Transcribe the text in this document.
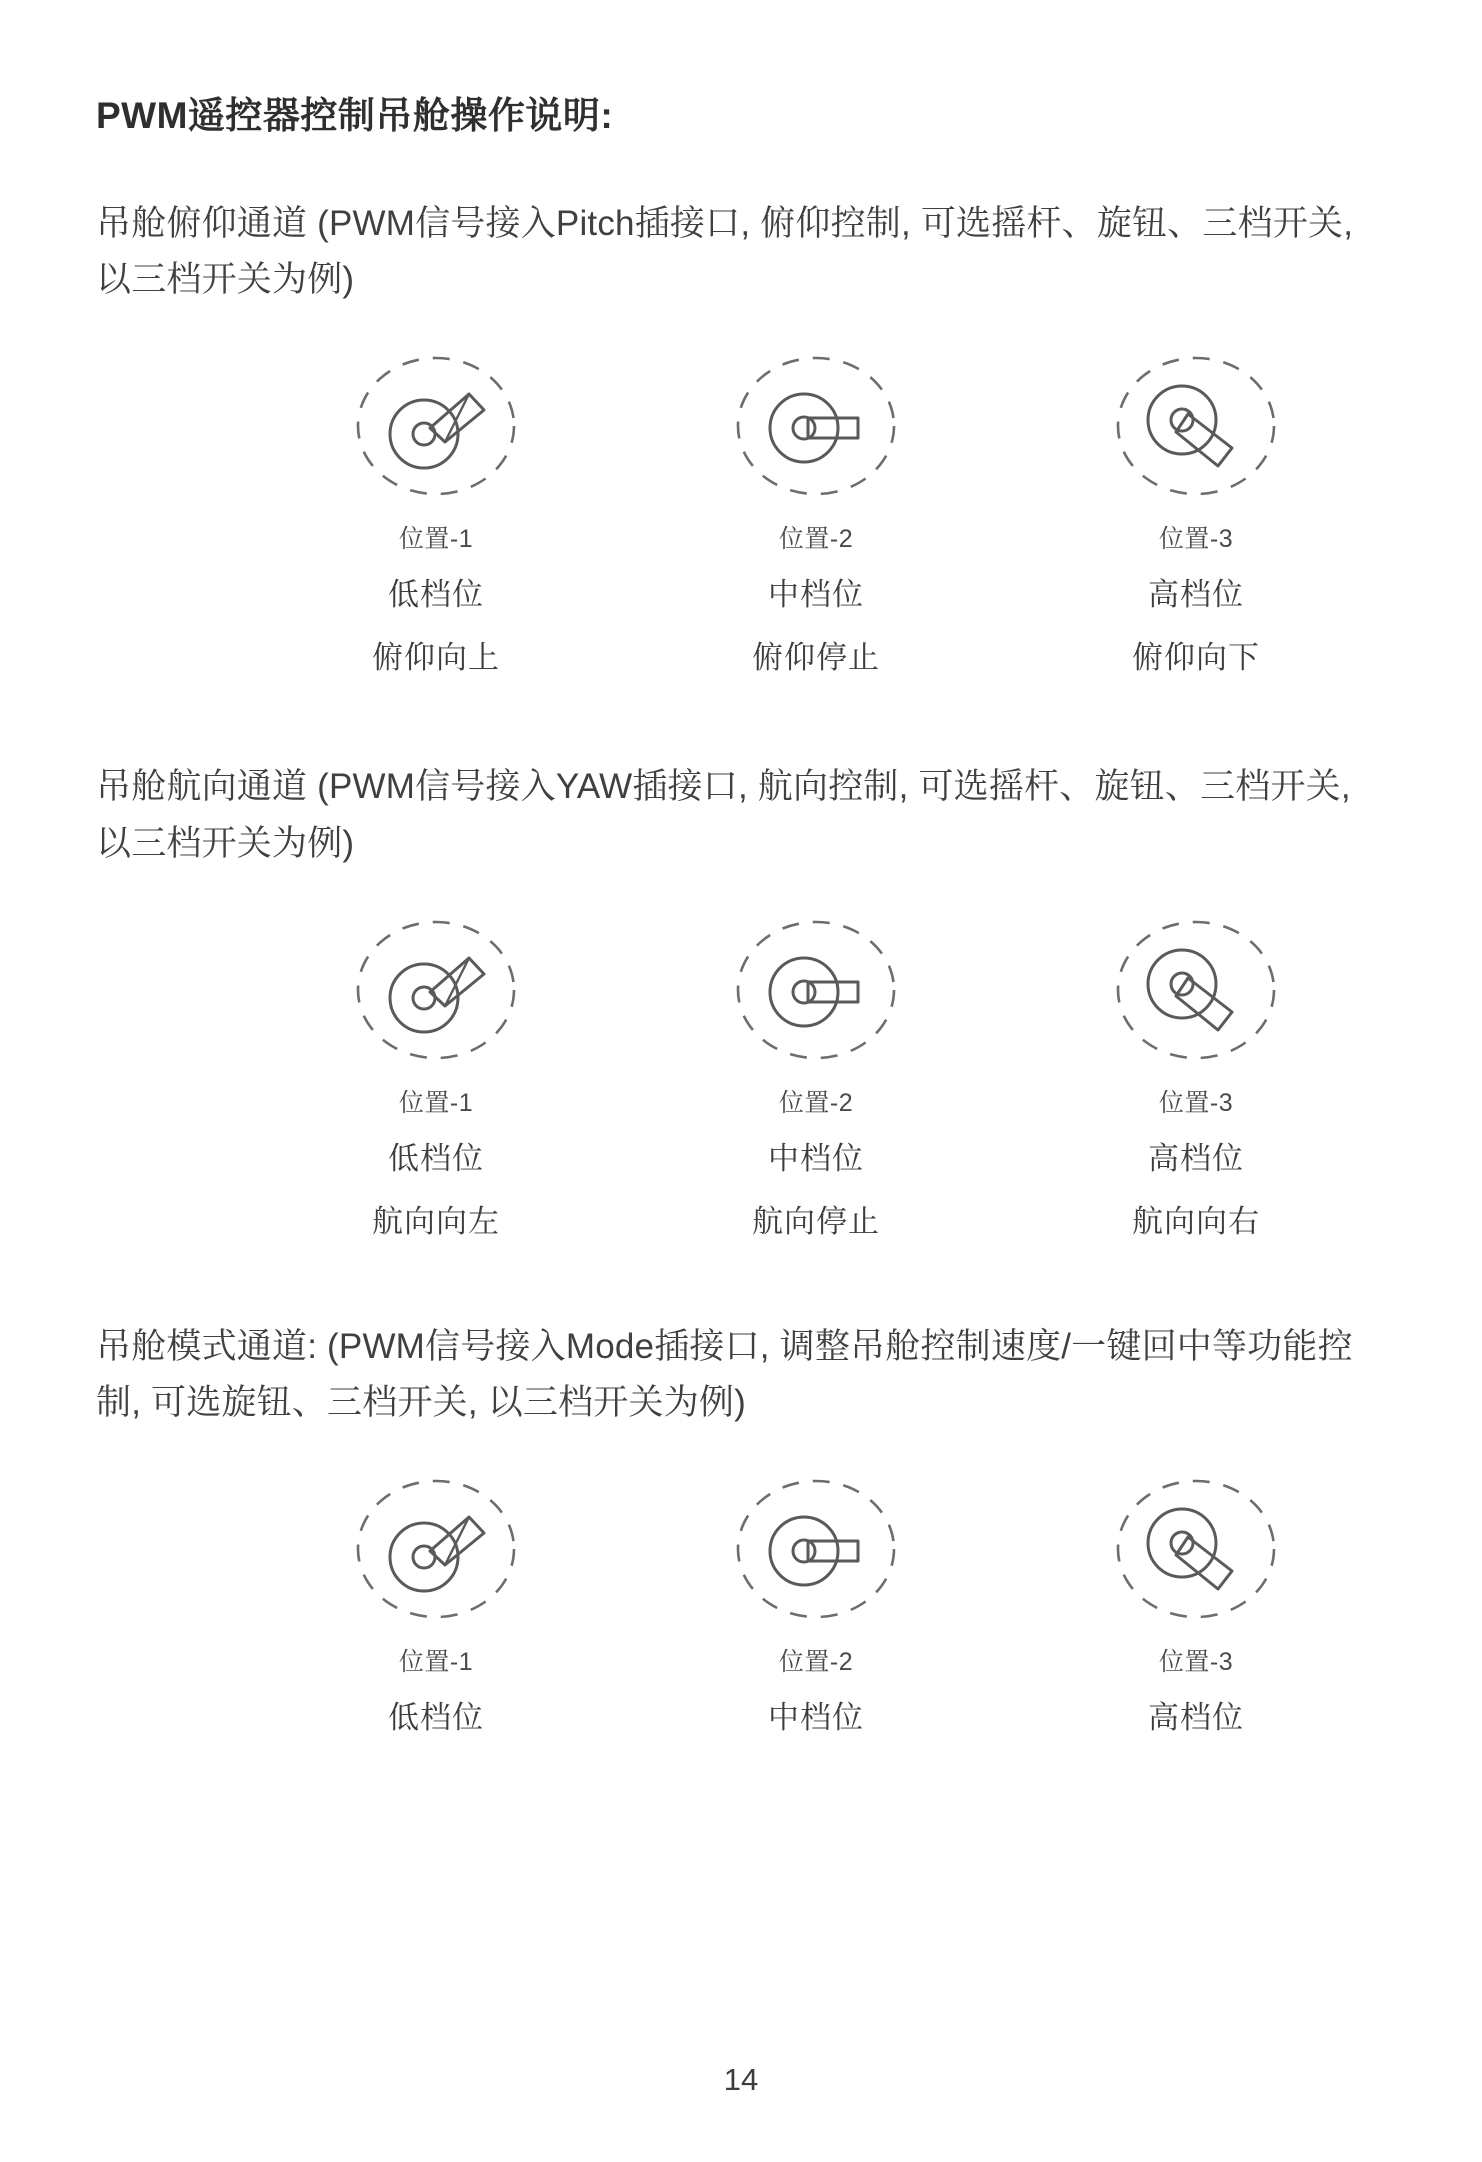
PWM遥控器控制吊舱操作说明:

吊舱俯仰通道 (PWM信号接入Pitch插接口, 俯仰控制, 可选摇杆、旋钮、三档开关, 以三档开关为例)

位置-1
低档位
俯仰向上
位置-2
中档位
俯仰停止
位置-3
高档位
俯仰向下

吊舱航向通道 (PWM信号接入YAW插接口, 航向控制, 可选摇杆、旋钮、三档开关, 以三档开关为例)

位置-1
低档位
航向向左
位置-2
中档位
航向停止
位置-3
高档位
航向向右

吊舱模式通道: (PWM信号接入Mode插接口, 调整吊舱控制速度/一键回中等功能控制, 可选旋钮、三档开关, 以三档开关为例)

位置-1
低档位
位置-2
中档位
位置-3
高档位
14
